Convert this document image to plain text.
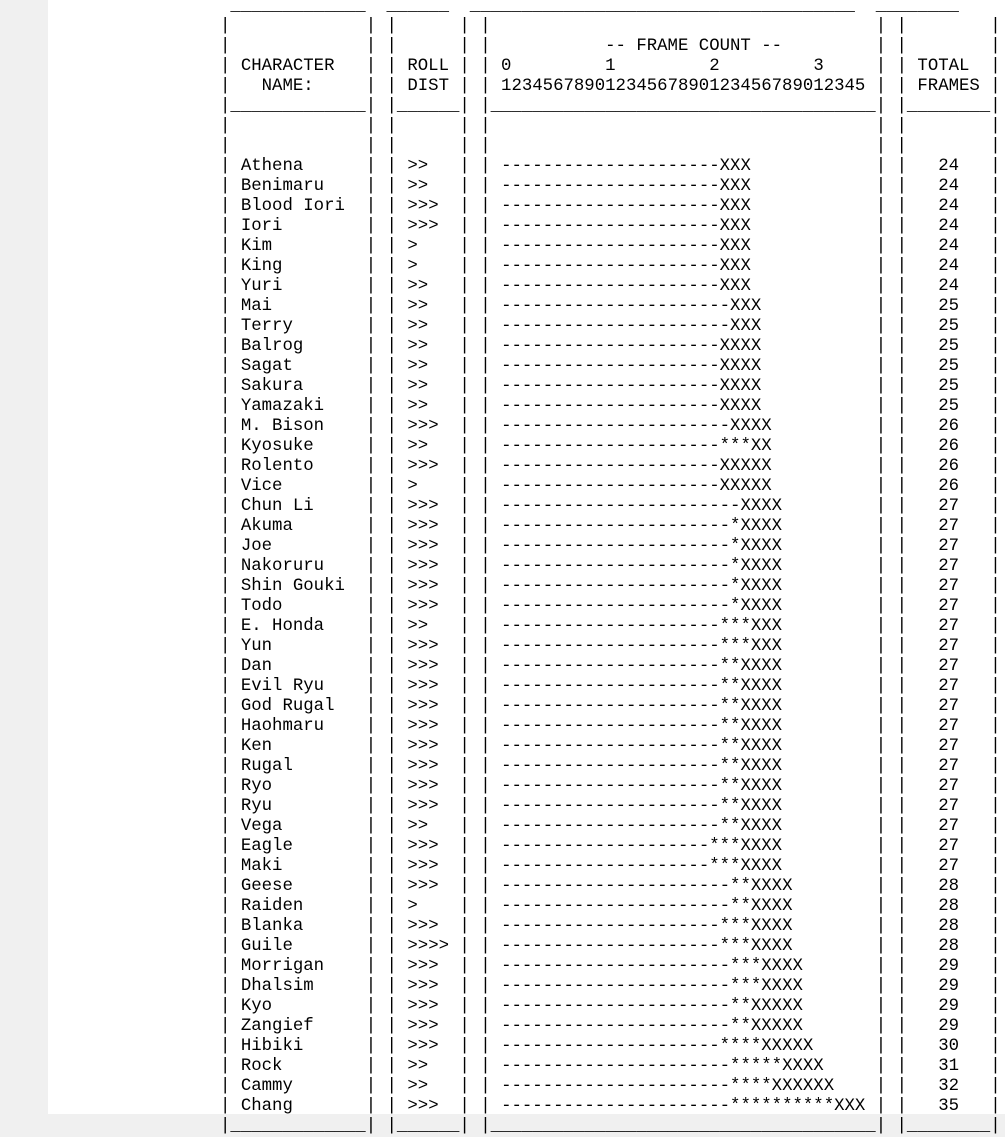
_____________  ______  _____________________________________  ________
|             | |      | |                                     | |        |
|             | |      | |           -- FRAME COUNT --	| |        |
| CHARACTER   | | ROLL | | 0	1	2	3     | | TOTAL  |
|   NAME:     | | DIST | | 12345678901234567890123456789012345 | | FRAMES |
|_____________| |______| |_____________________________________| |________|
|             | |      | |                                     | |        |
|             | |      | |                                     | |        |
| Athena      | | >>   | | ---------------------XXX            | |   24   |
| Benimaru    | | >>   | | ---------------------XXX            | |   24   |
| Blood Iori  | | >>>  | | ---------------------XXX            | |   24   |
| Iori        | | >>>  | | ---------------------XXX            | |   24   |
| Kim         | | >    | | ---------------------XXX            | |   24   |
| King        | | >    | | ---------------------XXX            | |   24   |
| Yuri        | | >>   | | ---------------------XXX            | |   24   |
| Mai         | | >>   | | ----------------------XXX           | |   25   |
| Terry       | | >>   | | ----------------------XXX           | |   25   |
| Balrog      | | >>   | | ---------------------XXXX           | |   25   |
| Sagat       | | >>   | | ---------------------XXXX           | |   25   |
| Sakura      | | >>   | | ---------------------XXXX           | |   25   |
| Yamazaki    | | >>   | | ---------------------XXXX           | |   25   |
| M. Bison    | | >>>  | | ----------------------XXXX          | |   26   |
| Kyosuke     | | >>   | | ---------------------***XX          | |   26   |
| Rolento     | | >>>  | | ---------------------XXXXX          | |   26   |
| Vice        | | >    | | ---------------------XXXXX          | |   26   |
| Chun Li     | | >>>  | | -----------------------XXXX         | |   27   |
| Akuma       | | >>>  | | ----------------------*XXXX         | |   27   |
| Joe         | | >>>  | | ----------------------*XXXX         | |   27   |
| Nakoruru    | | >>>  | | ----------------------*XXXX         | |   27   |
| Shin Gouki  | | >>>  | | ----------------------*XXXX         | |   27   |
| Todo        | | >>>  | | ----------------------*XXXX         | |   27   |
| E. Honda    | | >>   | | ---------------------***XXX         | |   27   |
| Yun         | | >>>  | | ---------------------***XXX         | |   27   |
| Dan         | | >>>  | | ---------------------**XXXX         | |   27   |
| Evil Ryu    | | >>>  | | ---------------------**XXXX         | |   27   |
| God Rugal   | | >>>  | | ---------------------**XXXX         | |   27   |
| Haohmaru    | | >>>  | | ---------------------**XXXX         | |   27   |
| Ken         | | >>>  | | ---------------------**XXXX         | |   27   |
| Rugal       | | >>>  | | ---------------------**XXXX         | |   27   |
| Ryo         | | >>>  | | ---------------------**XXXX         | |   27   |
| Ryu         | | >>>  | | ---------------------**XXXX         | |   27   |
| Vega        | | >>   | | ---------------------**XXXX         | |   27   |
| Eagle       | | >>>  | | --------------------***XXXX         | |   27   |
| Maki        | | >>>  | | --------------------***XXXX         | |   27   |
| Geese       | | >>>  | | ----------------------**XXXX        | |   28   |
| Raiden      | | >    | | ----------------------**XXXX        | |   28   |
| Blanka      | | >>>  | | ---------------------***XXXX        | |   28   |
| Guile       | | >>>> | | ---------------------***XXXX        | |   28   |
| Morrigan    | | >>>  | | ----------------------***XXXX       | |   29   |
| Dhalsim     | | >>>  | | ----------------------***XXXX       | |   29   |
| Kyo         | | >>>  | | ----------------------**XXXXX       | |   29   |
| Zangief     | | >>>  | | ----------------------**XXXXX       | |   29   |
| Hibiki      | | >>>  | | ---------------------****XXXXX      | |   30   |
| Rock        | | >>   | | ----------------------*****XXXX     | |   31   |
| Cammy       | | >>   | | ----------------------****XXXXXX    | |   32   |
| Chang       | | >>>  | | ----------------------**********XXX | |   35   |
|_____________| |______| |_____________________________________| |________|
